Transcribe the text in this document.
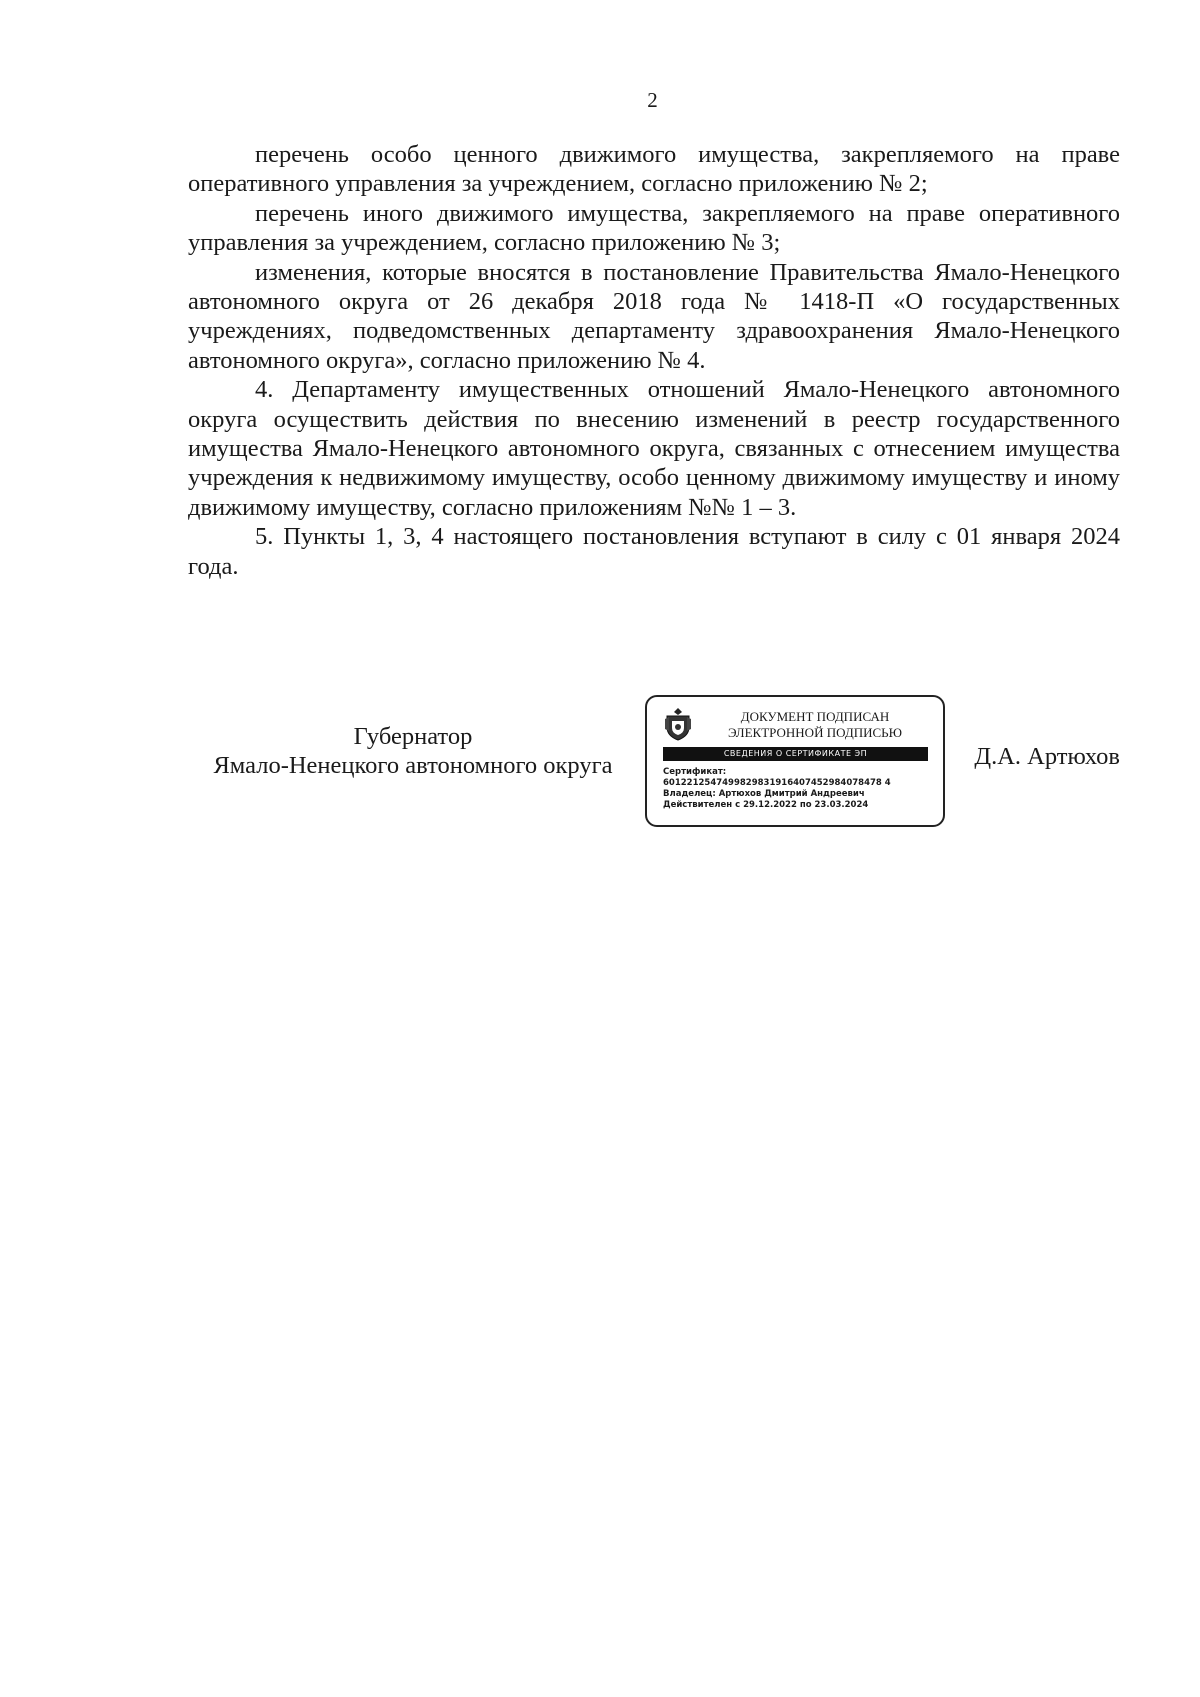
2

перечень особо ценного движимого имущества, закрепляемого на праве оперативного управления за учреждением, согласно приложению № 2;

перечень иного движимого имущества, закрепляемого на праве оперативного управления за учреждением, согласно приложению № 3;

изменения, которые вносятся в постановление Правительства Ямало-Ненецкого автономного округа от 26 декабря 2018 года № 1418-П «О государственных учреждениях, подведомственных департаменту здравоохранения Ямало-Ненецкого автономного округа», согласно приложению № 4.

4. Департаменту имущественных отношений Ямало-Ненецкого автономного округа осуществить действия по внесению изменений в реестр государственного имущества Ямало-Ненецкого автономного округа, связанных с отнесением имущества учреждения к недвижимому имуществу, особо ценному движимому имуществу и иному движимому имуществу, согласно приложениям №№ 1 – 3.

5. Пункты 1, 3, 4 настоящего постановления вступают в силу с 01 января 2024 года.

Губернатор
Ямало-Ненецкого автономного округа
ДОКУМЕНТ ПОДПИСАН
ЭЛЕКТРОННОЙ ПОДПИСЬЮ
СВЕДЕНИЯ О СЕРТИФИКАТЕ ЭП
Сертификат:
6012212547499829831916407452984078478 4
Владелец: Артюхов Дмитрий Андреевич
Действителен с 29.12.2022 по 23.03.2024
Д.А. Артюхов
